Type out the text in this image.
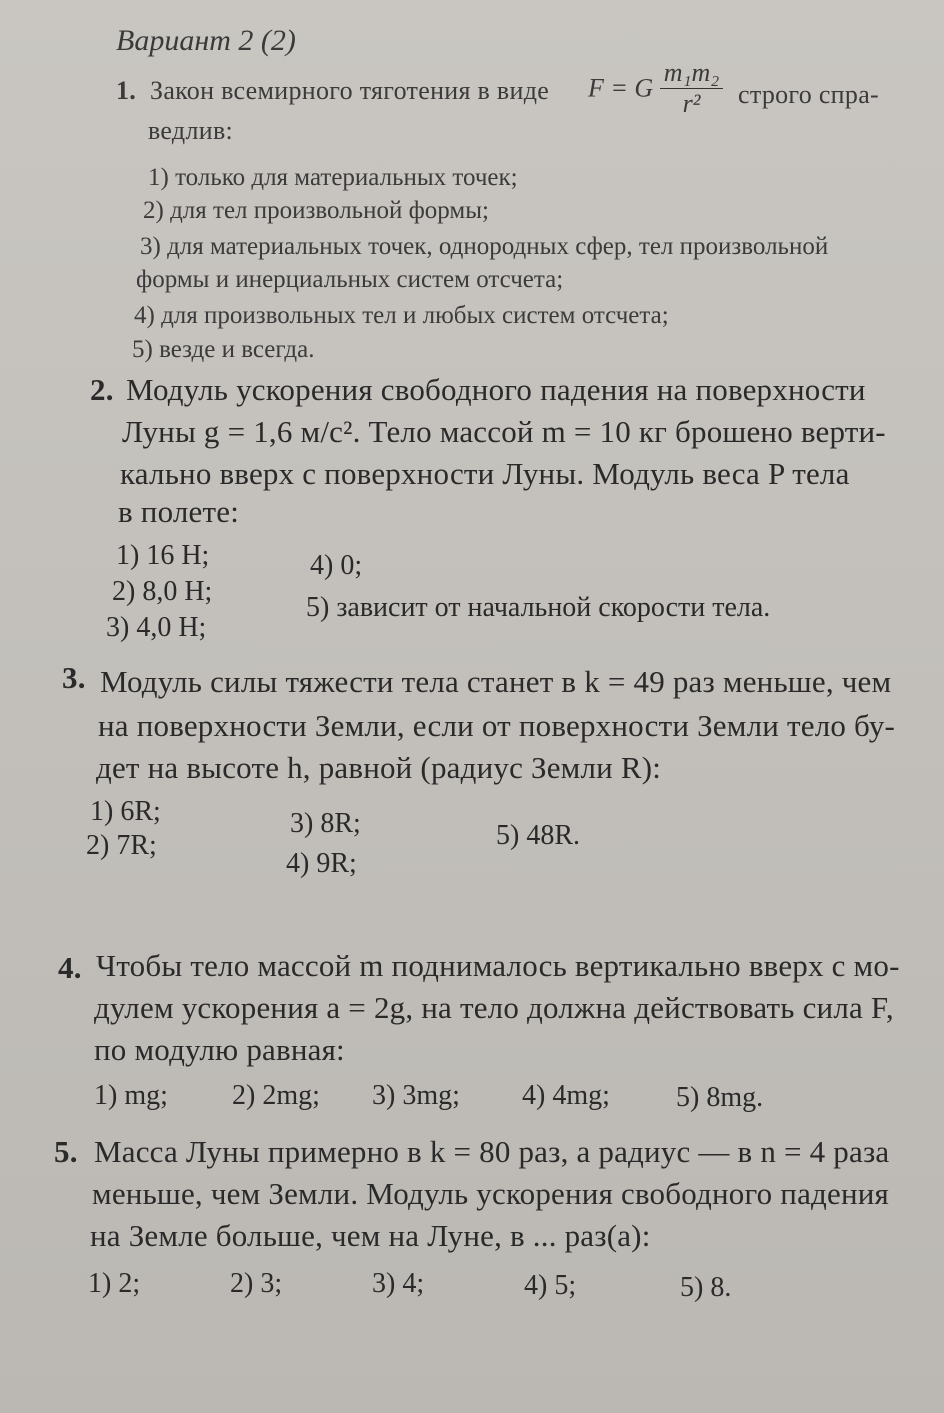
Вариант 2 (2)
1. Закон всемирного тяготения в виде F = G $\frac{\text{m₁m₂}}{\text{r²}}$ строго спра-
ведлив:
1) только для материальных точек;
2) для тел произвольной формы;
3) для материальных точек, однородных сфер, тел произвольной
формы и инерциальных систем отсчета;
4) для произвольных тел и любых систем отсчета;
5) везде и всегда.
2. Модуль ускорения свободного падения на поверхности
Луны g = 1,6 м/с². Тело массой m = 10 кг брошено верти-
кально вверх с поверхности Луны. Модуль веса P тела
в полете:
1) 16 Н;
2) 8,0 Н;
3) 4,0 Н;
4) 0;
5) зависит от начальной скорости тела.
3. Модуль силы тяжести тела станет в k = 49 раз меньше, чем
на поверхности Земли, если от поверхности Земли тело бу-
дет на высоте h, равной (радиус Земли R):
1) 6R;
2) 7R;
3) 8R;
4) 9R;
5) 48R.
4. Чтобы тело массой m поднималось вертикально вверх с мо-
дулем ускорения a = 2g, на тело должна действовать сила F,
по модулю равная:
1) mg; 2) 2mg; 3) 3mg; 4) 4mg; 5) 8mg.
5. Масса Луны примерно в k = 80 раз, а радиус — в n = 4 раза
меньше, чем Земли. Модуль ускорения свободного падения
на Земле больше, чем на Луне, в ... раз(а):
1) 2;	2) 3;	3) 4;	4) 5;	5) 8.
